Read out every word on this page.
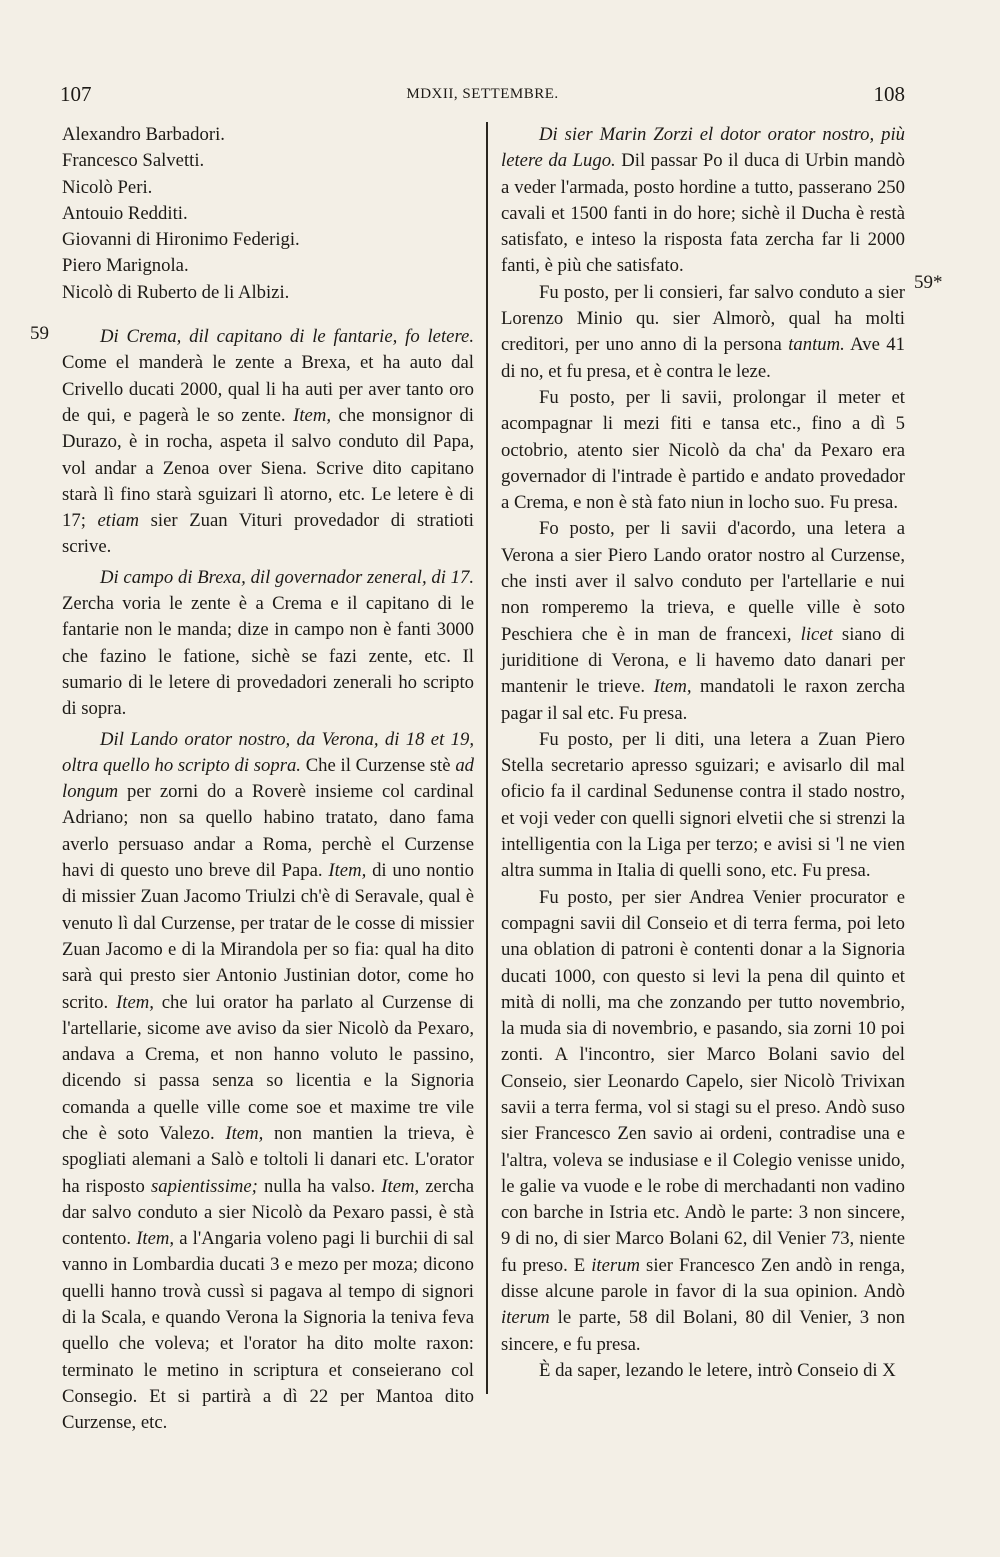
107	MDXII, SETTEMBRE.	108
59
59*

Alexandro Barbadori.

Francesco Salvetti.

Nicolò Peri.

Antouio Redditi.

Giovanni di Hironimo Federigi.

Piero Marignola.

Nicolò di Ruberto de li Albizi.

Di Crema, dil capitano di le fantarie, fo letere. Come el manderà le zente a Brexa, et ha auto dal Crivello ducati 2000, qual li ha auti per aver tanto oro de qui, e pagerà le so zente. Item, che monsignor di Durazo, è in rocha, aspeta il salvo conduto dil Papa, vol andar a Zenoa over Siena. Scrive dito capitano starà lì fino starà sguizari lì atorno, etc. Le letere è di 17; etiam sier Zuan Vituri provedador di stratioti scrive.

Di campo di Brexa, dil governador zeneral, di 17. Zercha voria le zente è a Crema e il capitano di le fantarie non le manda; dize in campo non è fanti 3000 che fazino le fatione, sichè se fazi zente, etc. Il sumario di le letere di provedadori zenerali ho scripto di sopra.

Dil Lando orator nostro, da Verona, di 18 et 19, oltra quello ho scripto di sopra. Che il Curzense stè ad longum per zorni do a Roverè insieme col cardinal Adriano; non sa quello habino tratato, dano fama averlo persuaso andar a Roma, perchè el Curzense havi di questo uno breve dil Papa. Item, di uno nontio di missier Zuan Jacomo Triulzi ch'è di Seravale, qual è venuto lì dal Curzense, per tratar de le cosse di missier Zuan Jacomo e di la Mirandola per so fia: qual ha dito sarà qui presto sier Antonio Justinian dotor, come ho scrito. Item, che lui orator ha parlato al Curzense di l'artellarie, sicome ave aviso da sier Nicolò da Pexaro, andava a Crema, et non hanno voluto le passino, dicendo si passa senza so licentia e la Signoria comanda a quelle ville come soe et maxime tre vile che è soto Valezo. Item, non mantien la trieva, è spogliati alemani a Salò e toltoli li danari etc. L'orator ha risposto sapientissime; nulla ha valso. Item, zercha dar salvo conduto a sier Nicolò da Pexaro passi, è stà contento. Item, a l'Angaria voleno pagi li burchii di sal vanno in Lombardia ducati 3 e mezo per moza; dicono quelli hanno trovà cussì si pagava al tempo di signori di la Scala, e quando Verona la Signoria la teniva feva quello che voleva; et l'orator ha dito molte raxon: terminato le metino in scriptura et conseierano col Consegio. Et si partirà a dì 22 per Mantoa dito Curzense, etc.

Di sier Marin Zorzi el dotor orator nostro, più letere da Lugo. Dil passar Po il duca di Urbin mandò a veder l'armada, posto hordine a tutto, passerano 250 cavali et 1500 fanti in do hore; sichè il Ducha è restà satisfato, e inteso la risposta fata zercha far li 2000 fanti, è più che satisfato.

Fu posto, per li consieri, far salvo conduto a sier Lorenzo Minio qu. sier Almorò, qual ha molti creditori, per uno anno di la persona tantum. Ave 41 di no, et fu presa, et è contra le leze.

Fu posto, per li savii, prolongar il meter et acompagnar li mezi fiti e tansa etc., fino a dì 5 octobrio, atento sier Nicolò da cha' da Pexaro era governador di l'intrade è partido e andato provedador a Crema, e non è stà fato niun in locho suo. Fu presa.

Fo posto, per li savii d'acordo, una letera a Verona a sier Piero Lando orator nostro al Curzense, che insti aver il salvo conduto per l'artellarie e nui non romperemo la trieva, e quelle ville è soto Peschiera che è in man de francexi, licet siano di juriditione di Verona, e li havemo dato danari per mantenir le trieve. Item, mandatoli le raxon zercha pagar il sal etc. Fu presa.

Fu posto, per li diti, una letera a Zuan Piero Stella secretario apresso sguizari; e avisarlo dil mal oficio fa il cardinal Sedunense contra il stado nostro, et voji veder con quelli signori elvetii che si strenzi la intelligentia con la Liga per terzo; e avisi si 'l ne vien altra summa in Italia di quelli sono, etc. Fu presa.

Fu posto, per sier Andrea Venier procurator e compagni savii dil Conseio et di terra ferma, poi leto una oblation di patroni è contenti donar a la Signoria ducati 1000, con questo si levi la pena dil quinto et mità di nolli, ma che zonzando per tutto novembrio, la muda sia di novembrio, e pasando, sia zorni 10 poi zonti. A l'incontro, sier Marco Bolani savio del Conseio, sier Leonardo Capelo, sier Nicolò Trivixan savii a terra ferma, vol si stagi su el preso. Andò suso sier Francesco Zen savio ai ordeni, contradise una e l'altra, voleva se indusiase e il Colegio venisse unido, le galie va vuode e le robe di merchadanti non vadino con barche in Istria etc. Andò le parte: 3 non sincere, 9 di no, di sier Marco Bolani 62, dil Venier 73, niente fu preso. E iterum sier Francesco Zen andò in renga, disse alcune parole in favor di la sua opinion. Andò iterum le parte, 58 dil Bolani, 80 dil Venier, 3 non sincere, e fu presa.

È da saper, lezando le letere, intrò Conseio di X
